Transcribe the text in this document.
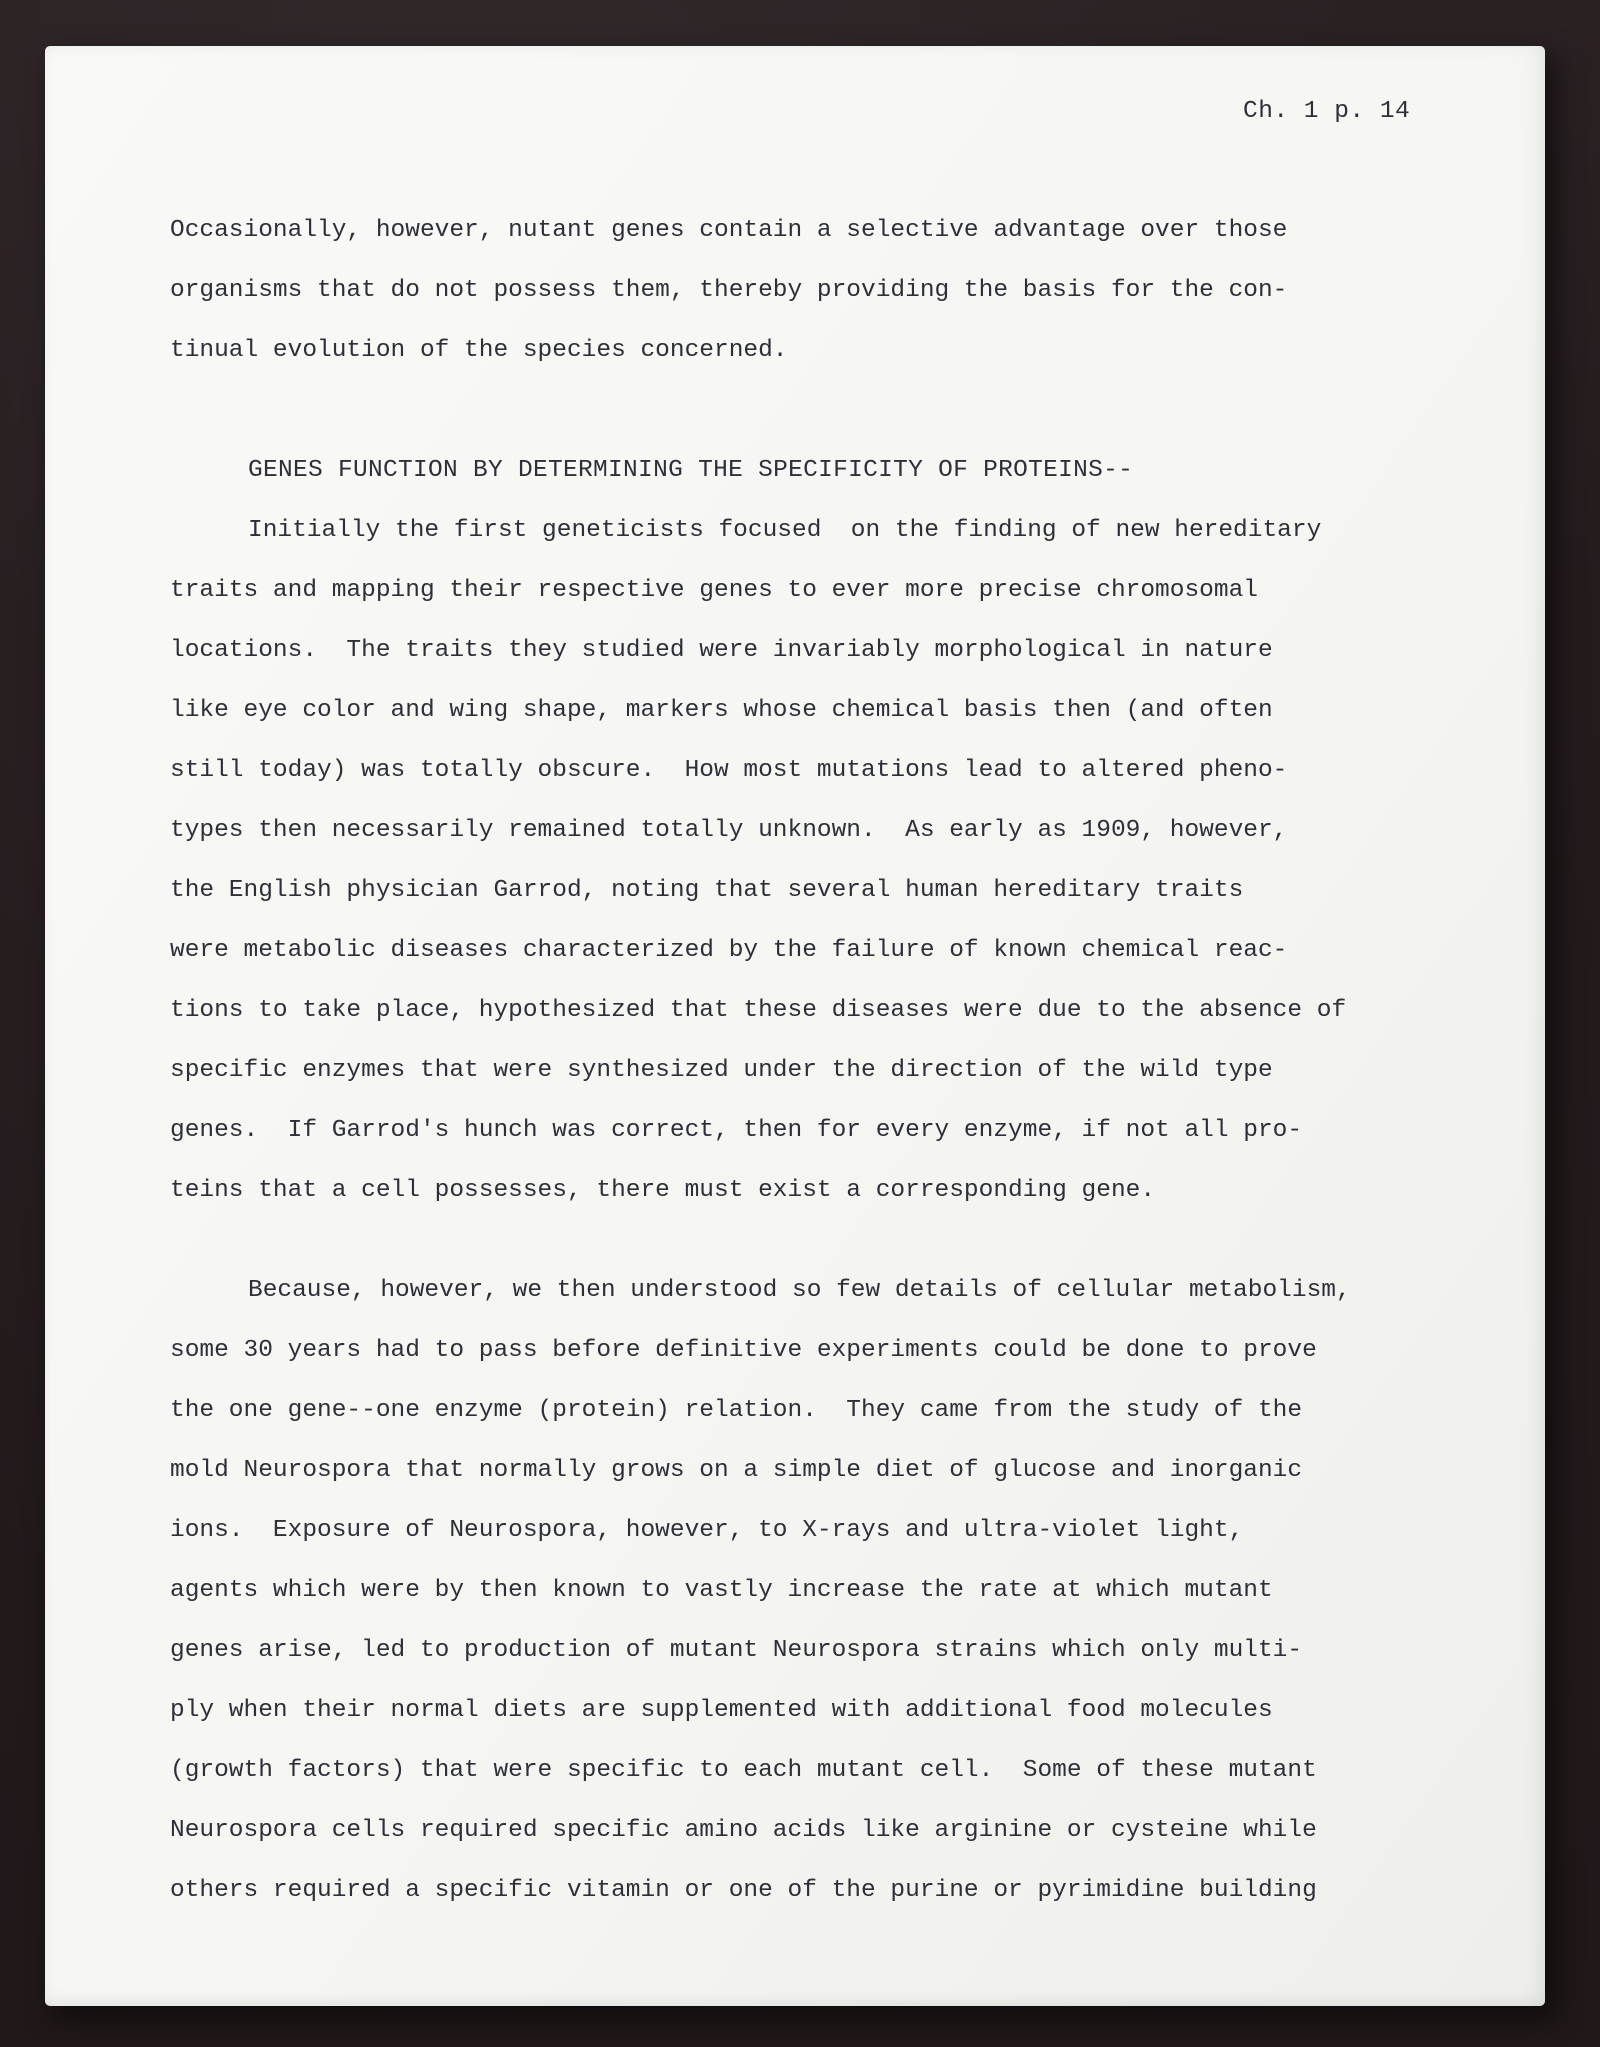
Ch. 1 p. 14
Occasionally, however, nutant genes contain a selective advantage over those
organisms that do not possess them, thereby providing the basis for the con-
tinual evolution of the species concerned.
GENES FUNCTION BY DETERMINING THE SPECIFICITY OF PROTEINS--
Initially the first geneticists focused  on the finding of new hereditary
traits and mapping their respective genes to ever more precise chromosomal
locations.  The traits they studied were invariably morphological in nature
like eye color and wing shape, markers whose chemical basis then (and often
still today) was totally obscure.  How most mutations lead to altered pheno-
types then necessarily remained totally unknown.  As early as 1909, however,
the English physician Garrod, noting that several human hereditary traits
were metabolic diseases characterized by the failure of known chemical reac-
tions to take place, hypothesized that these diseases were due to the absence of
specific enzymes that were synthesized under the direction of the wild type
genes.  If Garrod's hunch was correct, then for every enzyme, if not all pro-
teins that a cell possesses, there must exist a corresponding gene.
Because, however, we then understood so few details of cellular metabolism,
some 30 years had to pass before definitive experiments could be done to prove
the one gene--one enzyme (protein) relation.  They came from the study of the
mold Neurospora that normally grows on a simple diet of glucose and inorganic
ions.  Exposure of Neurospora, however, to X-rays and ultra-violet light,
agents which were by then known to vastly increase the rate at which mutant
genes arise, led to production of mutant Neurospora strains which only multi-
ply when their normal diets are supplemented with additional food molecules
(growth factors) that were specific to each mutant cell.  Some of these mutant
Neurospora cells required specific amino acids like arginine or cysteine while
others required a specific vitamin or one of the purine or pyrimidine building
